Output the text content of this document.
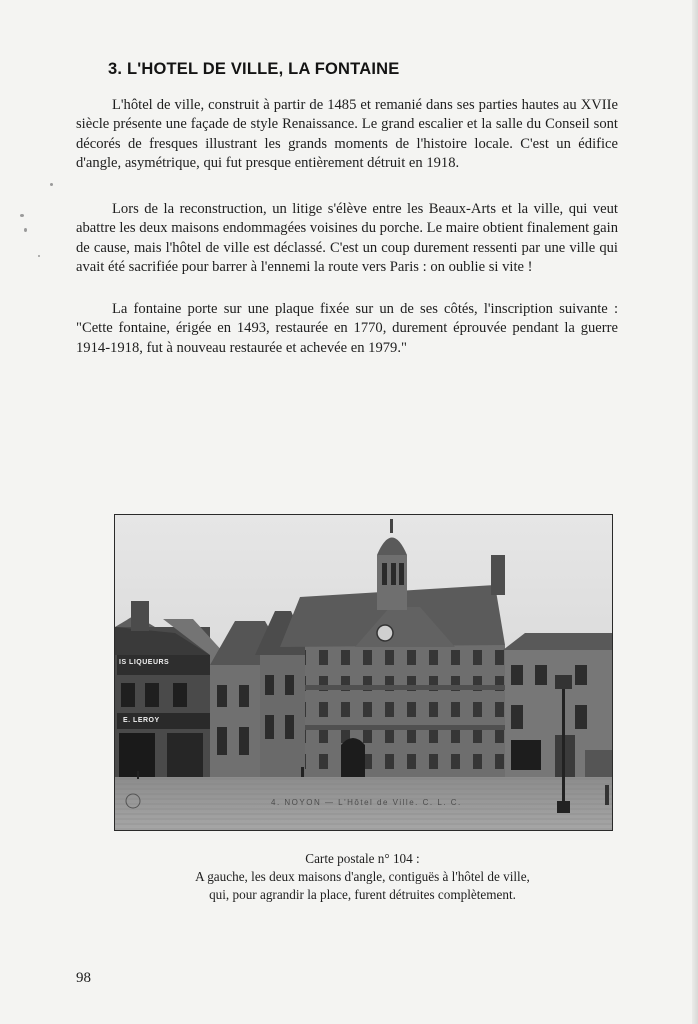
3. L'HOTEL DE VILLE, LA FONTAINE

L'hôtel de ville, construit à partir de 1485 et remanié dans ses parties hautes au XVIIe siècle présente une façade de style Renaissance. Le grand escalier et la salle du Conseil sont décorés de fresques illustrant les grands moments de l'histoire locale. C'est un édifice d'angle, asymétrique, qui fut presque entièrement détruit en 1918.

Lors de la reconstruction, un litige s'élève entre les Beaux-Arts et la ville, qui veut abattre les deux maisons endommagées voisines du porche. Le maire obtient finalement gain de cause, mais l'hôtel de ville est déclassé. C'est un coup durement ressenti par une ville qui avait été sacrifiée pour barrer à l'ennemi la route vers Paris : on oublie si vite !

La fontaine porte sur une plaque fixée sur un de ses côtés, l'inscription suivante : "Cette fontaine, érigée en 1493, restaurée en 1770, durement éprouvée pendant la guerre 1914-1918, fut à nouveau restaurée et achevée en 1979."

IS LIQUEURS
E. LEROY
4. NOYON — L'Hôtel de Ville. C. L. C.
Carte postale n° 104 :
A gauche, les deux maisons d'angle, contiguës à l'hôtel de ville,
qui, pour agrandir la place, furent détruites complètement.
98
